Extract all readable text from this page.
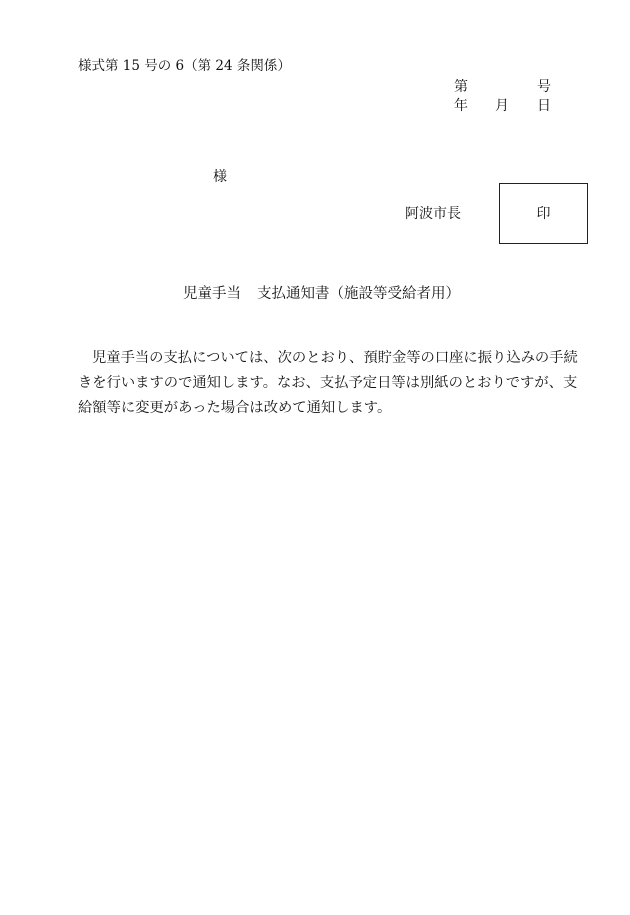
様式第 15 号の 6（第 24 条関係）
第	号
年 月 日
様
阿波市長	印
児童手当 支払通知書（施設等受給者用）
児童手当の支払については、次のとおり、預貯金等の口座に振り込みの手続
きを行いますので通知します。なお、支払予定日等は別紙のとおりですが、支
給額等に変更があった場合は改めて通知します。
